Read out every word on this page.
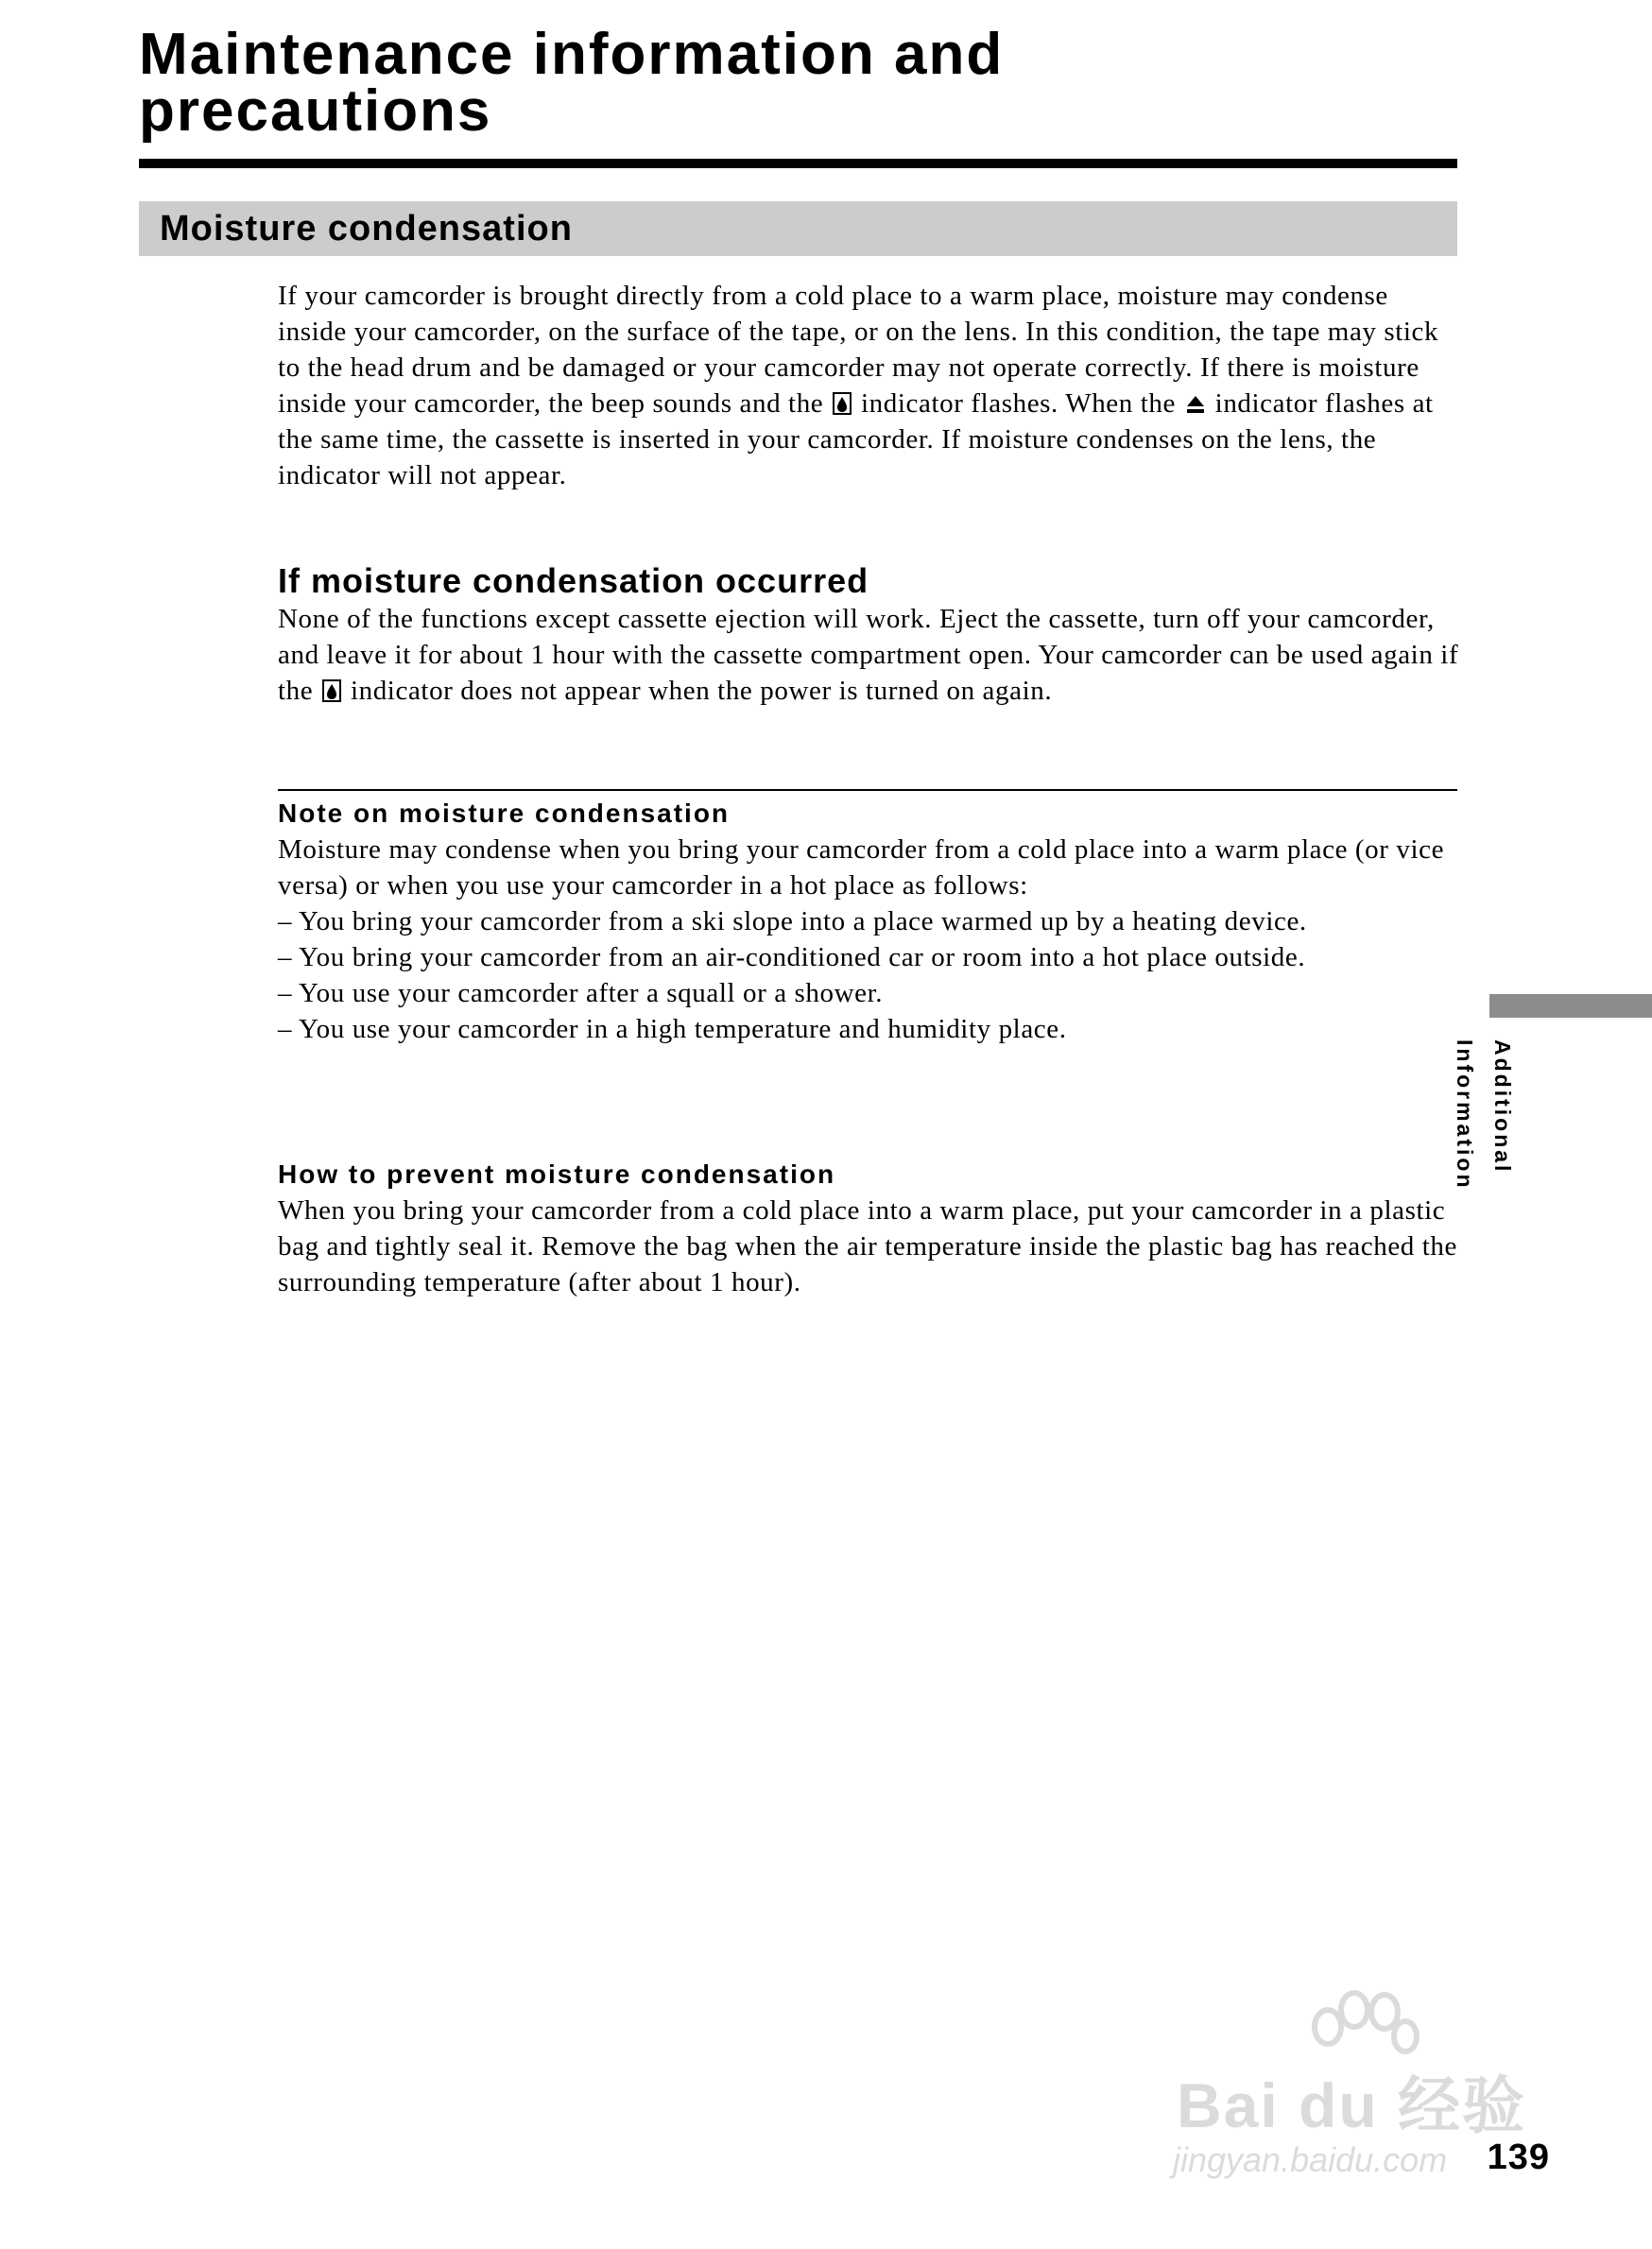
Maintenance information and
precautions
Moisture condensation

If your camcorder is brought directly from a cold place to a warm place, moisture may condense inside your camcorder, on the surface of the tape, or on the lens. In this condition, the tape may stick to the head drum and be damaged or your camcorder may not operate correctly. If there is moisture inside your camcorder, the beep sounds and the indicator flashes. When the indicator flashes at the same time, the cassette is inserted in your camcorder. If moisture condenses on the lens, the indicator will not appear.

If moisture condensation occurred

None of the functions except cassette ejection will work. Eject the cassette, turn off your camcorder, and leave it for about 1 hour with the cassette compartment open. Your camcorder can be used again if the indicator does not appear when the power is turned on again.

Note on moisture condensation

Moisture may condense when you bring your camcorder from a cold place into a warm place (or vice versa) or when you use your camcorder in a hot place as follows:

– You bring your camcorder from a ski slope into a place warmed up by a heating device.
– You bring your camcorder from an air-conditioned car or room into a hot place outside.
– You use your camcorder after a squall or a shower.
– You use your camcorder in a high temperature and humidity place.
How to prevent moisture condensation

When you bring your camcorder from a cold place into a warm place, put your camcorder in a plastic bag and tightly seal it. Remove the bag when the air temperature inside the plastic bag has reached the surrounding temperature (after about 1 hour).

Additional Information
Bai du 经验
jingyan.baidu.com	139
